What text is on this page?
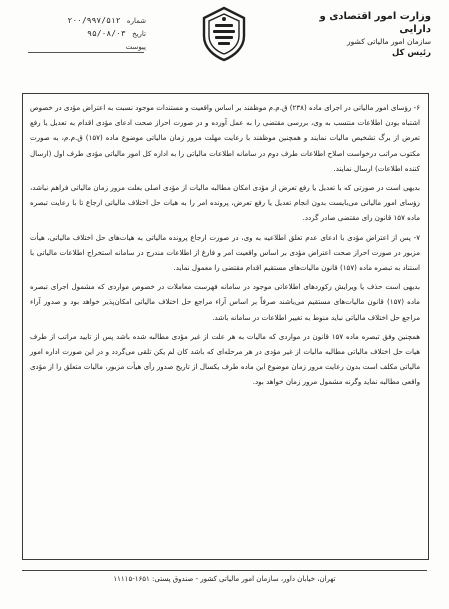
وزارت امور اقتصادی و دارایی
سازمان امور مالیاتی کشور
رئیس کل
شماره ۲۰۰/۹۹۷/۵۱۲
تاریخ ۹۵/۰۸/۰۳
پیوست

۶- رؤسای امور مالیاتی در اجرای ماده (۲۳۸) ق.م.م موظفند بر اساس واقعیت و مستندات موجود نسبت به اعتراض مؤدی در خصوص اشتباه بودن اطلاعات منتسب به وی، بررسی مقتضی را به عمل آورده و در صورت احراز صحت ادعای مؤدی اقدام به تعدیل یا رفع تعرض از برگ تشخیص مالیات نمایند و همچنین موظفند با رعایت مهلت مرور زمان مالیاتی موضوع ماده (۱۵۷) ق.م.م، به صورت مکتوب مراتب درخواست اصلاح اطلاعات طرف دوم در سامانه اطلاعات مالیاتی را به اداره کل امور مالیاتی مؤدی طرف اول (ارسال کننده اطلاعات) ارسال نمایند.

بدیهی است در صورتی که با تعدیل یا رفع تعرض از مؤدی امکان مطالبه مالیات از مؤدی اصلی بعلت مرور زمان مالیاتی فراهم نباشد، رؤسای امور مالیاتی می‌بایست بدون انجام تعدیل یا رفع تعرض، پرونده امر را به هیات حل اختلاف مالیاتی ارجاع تا با رعایت تبصره ماده ۱۵۷ قانون رای مقتضی صادر گردد.

۷- پس از اعتراض مؤدی با ادعای عدم تعلق اطلاعیه به وی، در صورت ارجاع پرونده مالیاتی به هیات‌های حل اختلاف مالیاتی، هیأت مزبور در صورت احراز صحت اعتراض مؤدی بر اساس واقعیت امر و فارغ از اطلاعات مندرج در سامانه استخراج اطلاعات مالیاتی با استناد به تبصره ماده (۱۵۷) قانون مالیات‌های مستقیم اقدام مقتضی را معمول نماید.

بدیهی است حذف یا ویرایش رکوردهای اطلاعاتی موجود در سامانه فهرست معاملات در خصوص مواردی که مشمول اجرای تبصره ماده (۱۵۷) قانون مالیات‌های مستقیم می‌باشند صرفاً بر اساس آراء مراجع حل اختلاف مالیاتی امکان‌پذیر خواهد بود و صدور آراء مراجع حل اختلاف مالیاتی نباید منوط به تغییر اطلاعات در سامانه باشد.

همچنین وفق تبصره ماده ۱۵۷ قانون در مواردی که مالیات به هر علت از غیر مؤدی مطالبه شده باشد پس از تایید مراتب از طرف هیات حل اختلاف مالیاتی مطالبه مالیات از غیر مؤدی در هر مرحله‌ای که باشد کان لم یکن تلقی می‌گردد و در این صورت اداره امور مالیاتی مکلف است بدون رعایت مرور زمان موضوع این ماده طرف یکسال از تاریخ صدور رأی هیأت مزبور، مالیات متعلق را از مؤدی واقعی مطالبه نماید وگرنه مشمول مرور زمان خواهد بود.

تهران، خیابان داور، سازمان امور مالیاتی کشور - صندوق پستی: ۱۶۵۱-۱۱۱۱۵
